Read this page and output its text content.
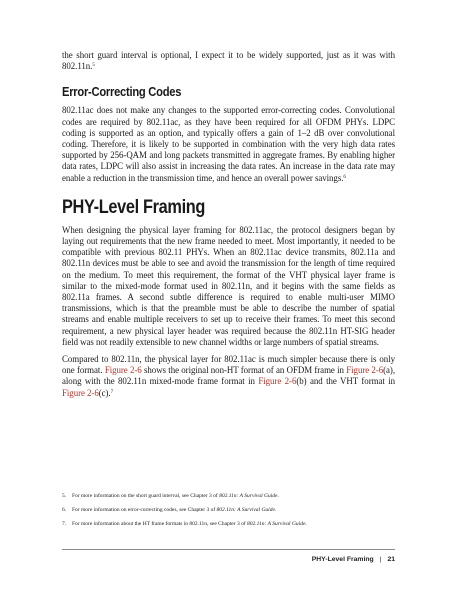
the short guard interval is optional, I expect it to be widely supported, just as it was with 802.11n.$^5$

Error-Correcting Codes

802.11ac does not make any changes to the supported error-correcting codes. Convolutional codes are required by 802.11ac, as they have been required for all OFDM PHYs. LDPC coding is supported as an option, and typically offers a gain of 1–2 dB over convolutional coding. Therefore, it is likely to be supported in combination with the very high data rates supported by 256-QAM and long packets transmitted in aggregate frames. By enabling higher data rates, LDPC will also assist in increasing the data rates. An increase in the data rate may enable a reduction in the transmission time, and hence an overall power savings.$^6$

PHY-Level Framing

When designing the physical layer framing for 802.11ac, the protocol designers began by laying out requirements that the new frame needed to meet. Most importantly, it needed to be compatible with previous 802.11 PHYs. When an 802.11ac device transmits, 802.11a and 802.11n devices must be able to see and avoid the transmission for the length of time required on the medium. To meet this requirement, the format of the VHT physical layer frame is similar to the mixed-mode format used in 802.11n, and it begins with the same fields as 802.11a frames. A second subtle difference is required to enable multi-user MIMO transmissions, which is that the preamble must be able to describe the number of spatial streams and enable multiple receivers to set up to receive their frames. To meet this second requirement, a new physical layer header was required because the 802.11n HT-SIG header field was not readily extensible to new channel widths or large numbers of spatial streams.

Compared to 802.11n, the physical layer for 802.11ac is much simpler because there is only one format. Figure 2-6 shows the original non-HT format of an OFDM frame in Figure 2-6(a), along with the 802.11n mixed-mode frame format in Figure 2-6(b) and the VHT format in Figure 2-6(c).$^7$

5. For more information on the short guard interval, see Chapter 3 of 802.11n: A Survival Guide.
6. For more information on error-correcting codes, see Chapter 3 of 802.11n: A Survival Guide.
7. For more information about the HT frame formats in 802.11n, see Chapter 3 of 802.11n: A Survival Guide.
PHY-Level Framing | 21
